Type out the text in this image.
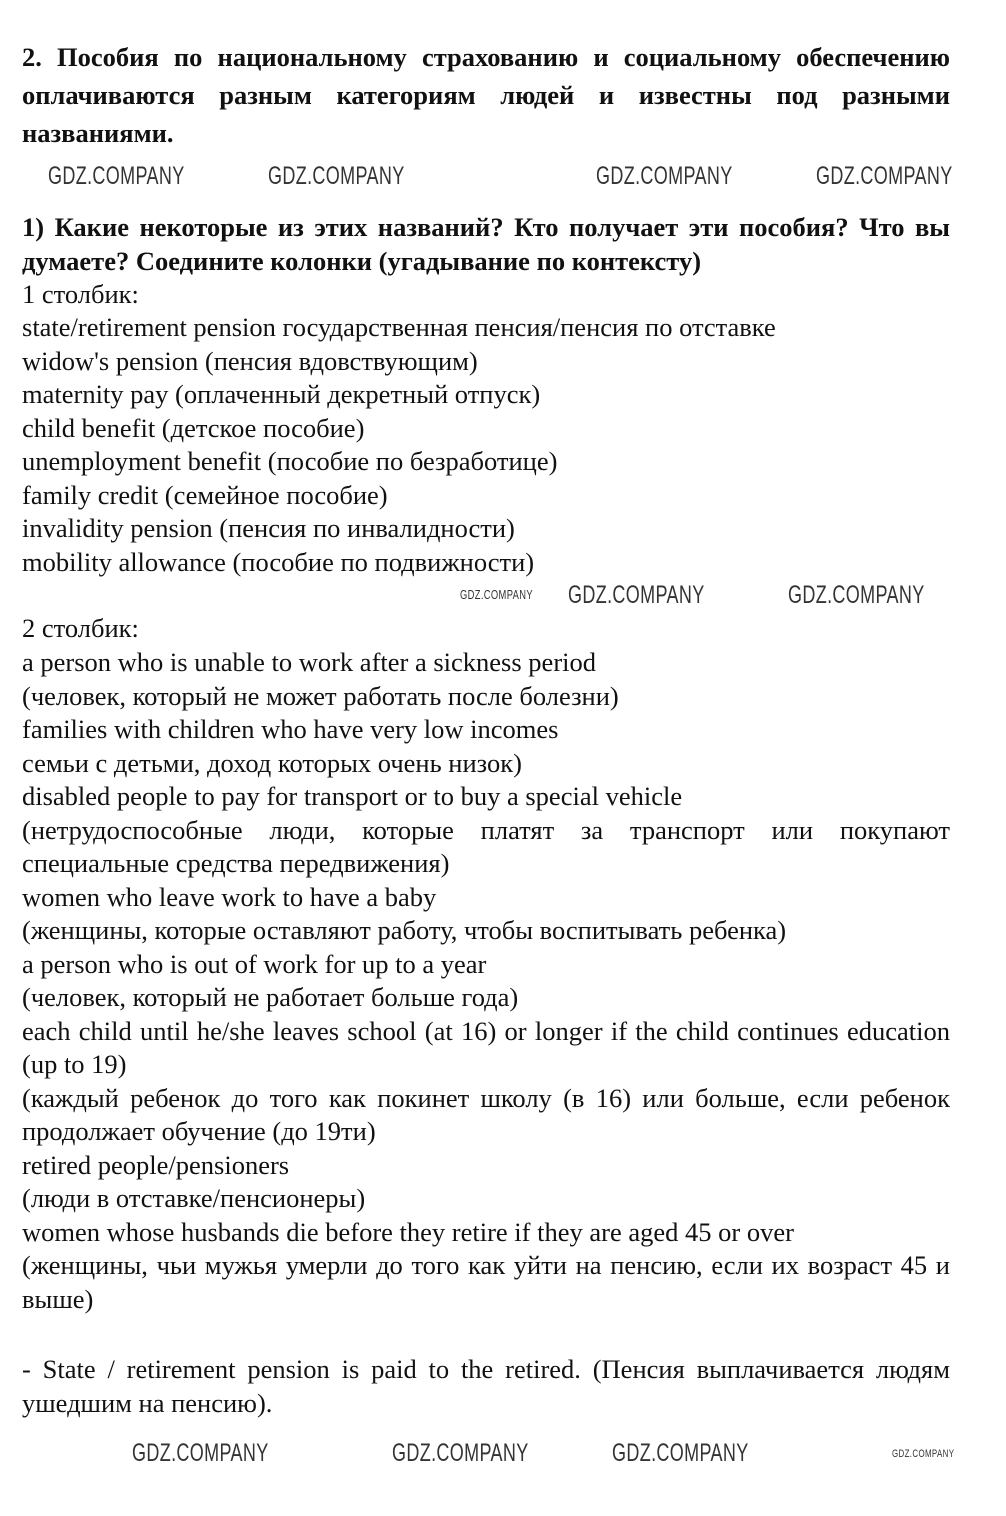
2. Пособия по национальному страхованию и социальному обеспечению оплачиваются разным категориям людей и известны под разными названиями.

1) Какие некоторые из этих названий? Кто получает эти пособия? Что вы думаете? Соедините колонки (угадывание по контексту)

1 столбик:

state/retirement pension государственная пенсия/пенсия по отставке
widow's pension (пенсия вдовствующим)
maternity pay (оплаченный декретный отпуск)
child benefit (детское пособие)
unemployment benefit (пособие по безработице)
family credit (семейное пособие)
invalidity pension (пенсия по инвалидности)
mobility allowance (пособие по подвижности)

2 столбик:

a person who is unable to work after a sickness period
(человек, который не может работать после болезни)
families with children who have very low incomes
семьи с детьми, доход которых очень низок)
disabled people to pay for transport or to buy a special vehicle
(нетрудоспособные люди, которые платят за транспорт или покупают специальные средства передвижения)
women who leave work to have a baby
(женщины, которые оставляют работу, чтобы воспитывать ребенка)
a person who is out of work for up to a year
(человек, который не работает больше года)
each child until he/she leaves school (at 16) or longer if the child continues education (up to 19)
(каждый ребенок до того как покинет школу (в 16) или больше, если ребенок продолжает обучение (до 19ти)
retired people/pensioners
(люди в отставке/пенсионеры)
women whose husbands die before they retire if they are aged 45 or over
(женщины, чьи мужья умерли до того как уйти на пенсию, если их возраст 45 и выше)

- State / retirement pension is paid to the retired. (Пенсия выплачивается людям ушедшим на пенсию).

GDZ.COMPANY	GDZ.COMPANY	GDZ.COMPANY	GDZ.COMPANY
GDZ.COMPANY GDZ.COMPANY	GDZ.COMPANY
GDZ.COMPANY	GDZ.COMPANY	GDZ.COMPANY	GDZ.COMPANY
